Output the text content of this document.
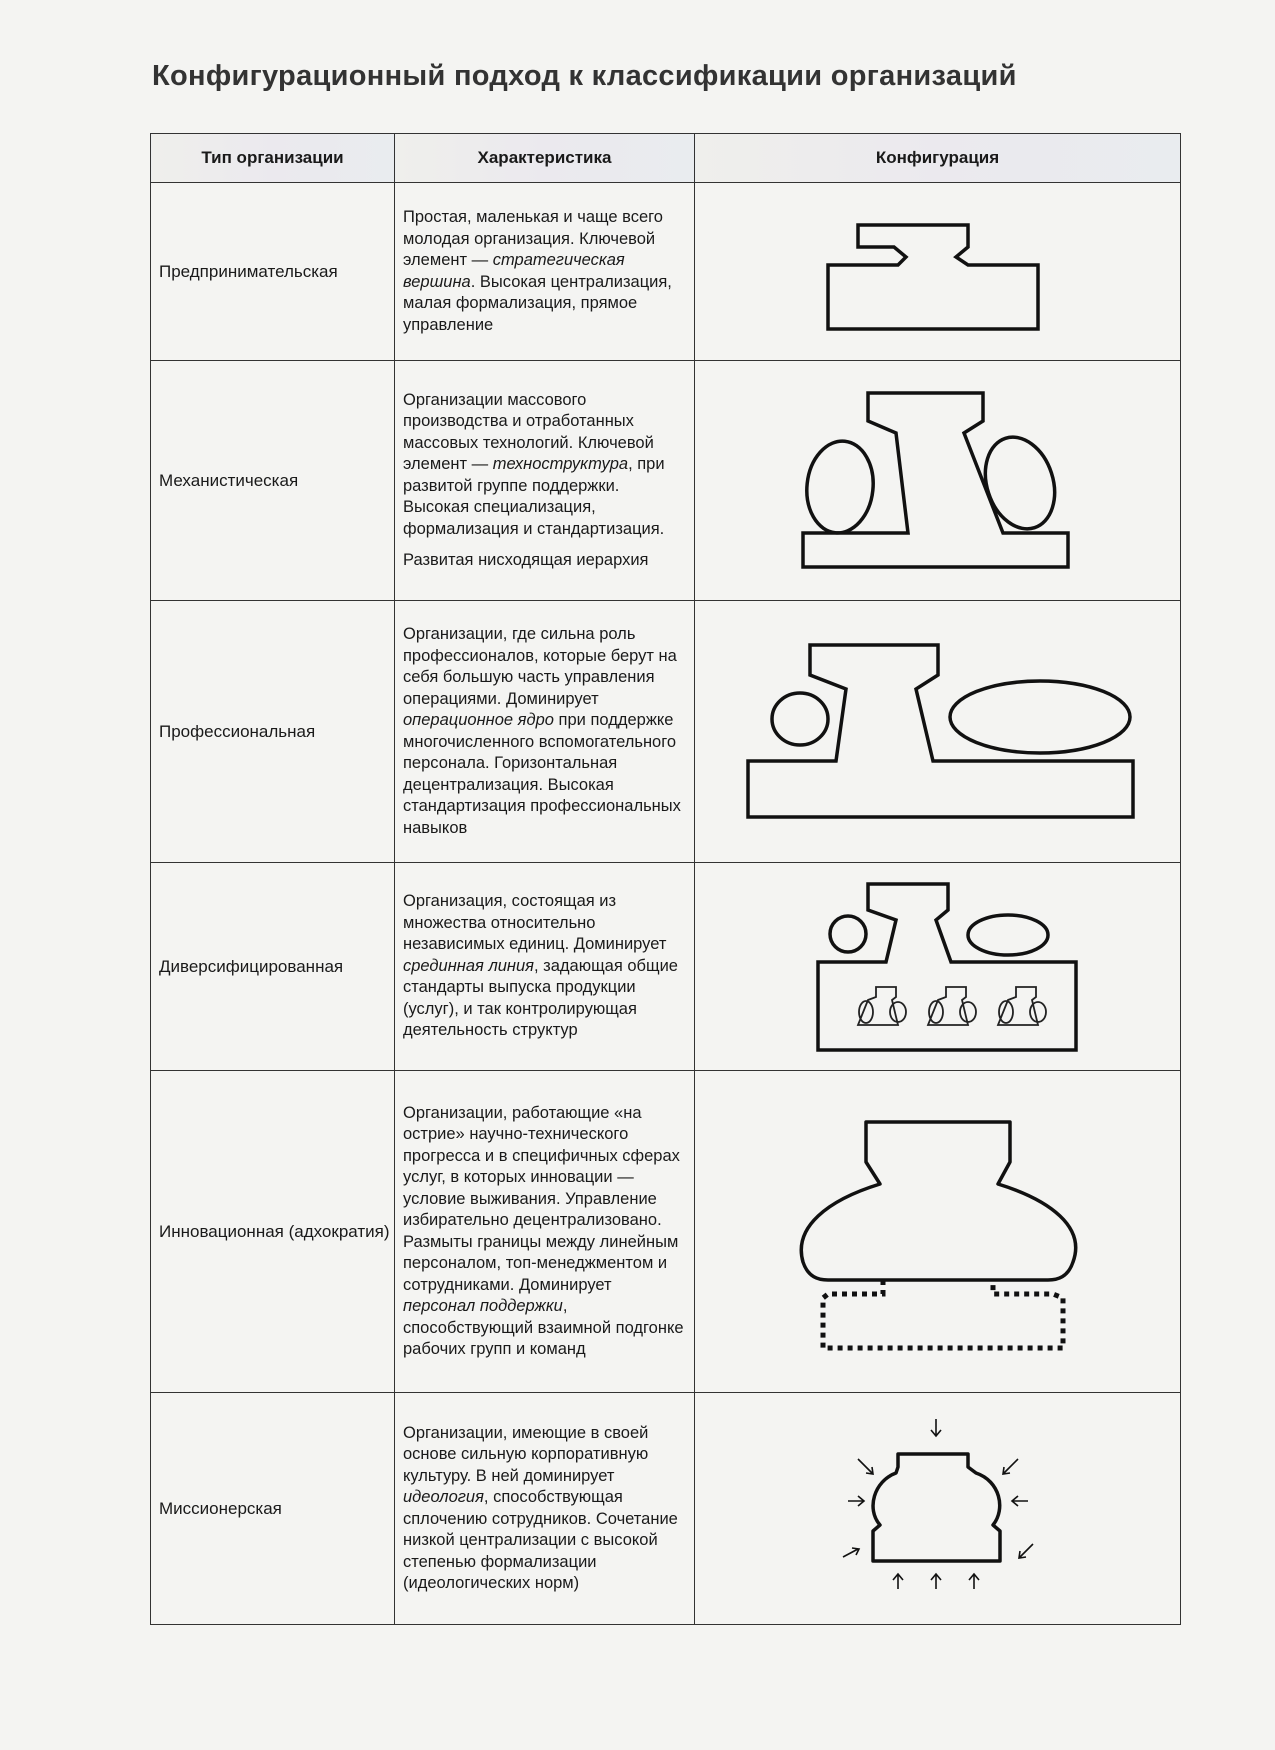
Конфигурационный подход к классификации организаций
Тип организации	Характеристика	Конфигурация
Предпринимательская	Простая, маленькая и чаще всего молодая организация. Ключевой элемент — стратегическая вершина. Высокая централизация, малая формализация, прямое управление

Механистическая	Организации массового производства и отработанных массовых технологий. Ключевой элемент — техноструктура, при развитой группе поддержки. Высокая специализация, формализация и стандартизация.

Развитая нисходящая иерархия

Профессиональная	Организации, где сильна роль профессионалов, которые берут на себя большую часть управления операциями. Доминирует операционное ядро при поддержке многочисленного вспомогательного персонала. Горизонтальная децентрализация. Высокая стандартизация профессиональных навыков

Диверсифицированная	Организация, состоящая из множества относительно независимых единиц. Доминирует срединная линия, задающая общие стандарты выпуска продукции (услуг), и так контролирующая деятельность структур

Инновационная (адхократия)	Организации, работающие «на острие» научно-технического прогресса и в специфичных сферах услуг, в которых инновации — условие выживания. Управление избирательно децентрализовано. Размыты границы между линейным персоналом, топ-менеджментом и сотрудниками. Доминирует персонал поддержки, способствующий взаимной подгонке рабочих групп и команд

Миссионерская	Организации, имеющие в своей основе сильную корпоративную культуру. В ней доминирует идеология, способствующая сплочению сотрудников. Сочетание низкой централизации с высокой степенью формализации (идеологических норм)
